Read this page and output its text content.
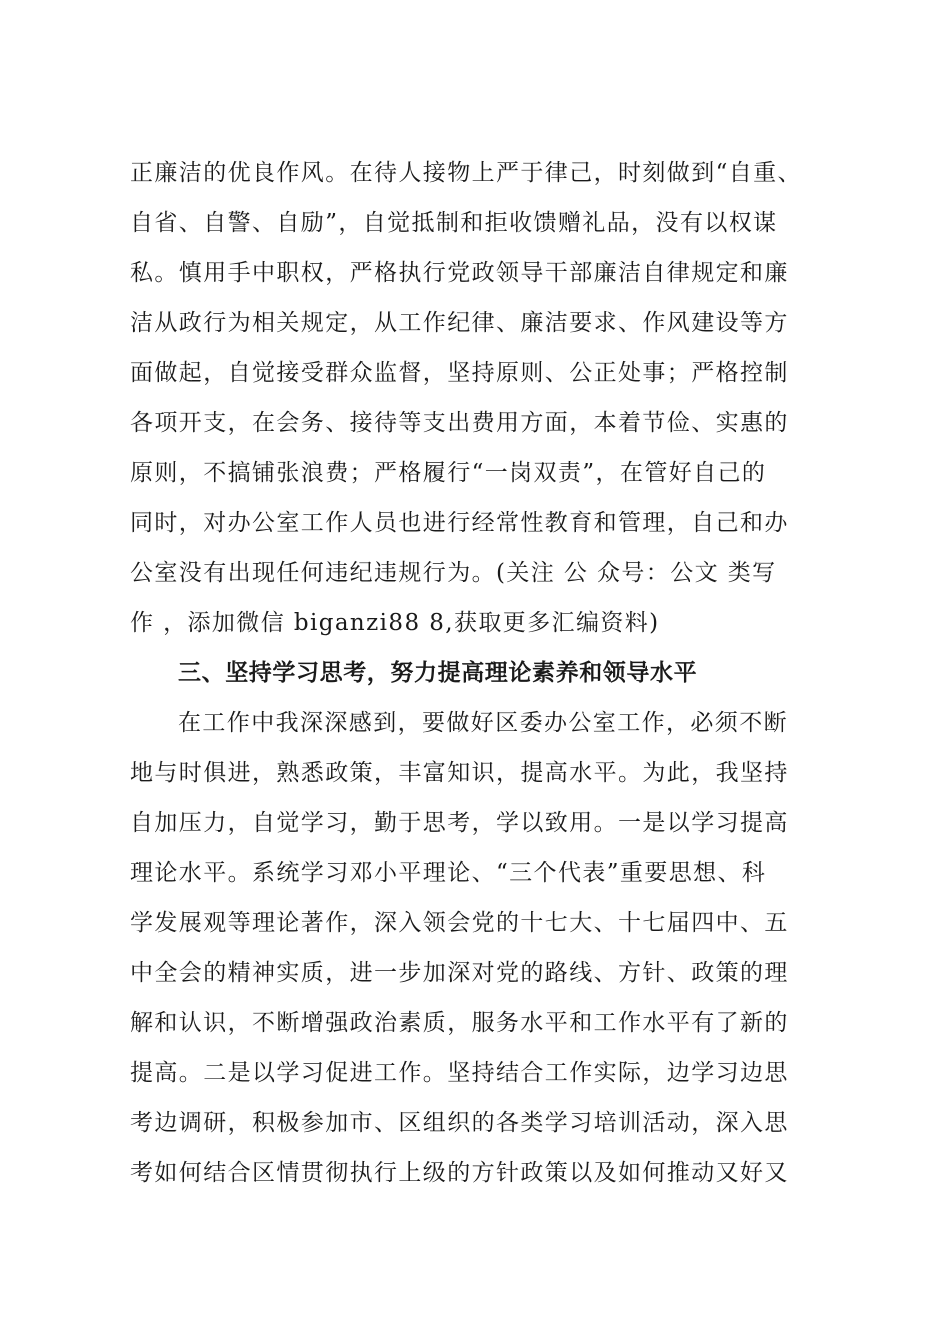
正廉洁的优良作风。在待人接物上严于律己，时刻做到“自重、
自省、自警、自励”，自觉抵制和拒收馈赠礼品，没有以权谋
私。慎用手中职权，严格执行党政领导干部廉洁自律规定和廉
洁从政行为相关规定，从工作纪律、廉洁要求、作风建设等方
面做起，自觉接受群众监督，坚持原则、公正处事；严格控制
各项开支，在会务、接待等支出费用方面，本着节俭、实惠的
原则，不搞铺张浪费；严格履行“一岗双责”，在管好自己的
同时，对办公室工作人员也进行经常性教育和管理，自己和办
公室没有出现任何违纪违规行为。(关注 公 众号：公文 类写
作 ，添加微信 biganzi88 8,获取更多汇编资料)
三、坚持学习思考，努力提高理论素养和领导水平
在工作中我深深感到，要做好区委办公室工作，必须不断
地与时俱进，熟悉政策，丰富知识，提高水平。为此，我坚持
自加压力，自觉学习，勤于思考，学以致用。一是以学习提高
理论水平。系统学习邓小平理论、“三个代表”重要思想、科
学发展观等理论著作，深入领会党的十七大、十七届四中、五
中全会的精神实质，进一步加深对党的路线、方针、政策的理
解和认识，不断增强政治素质，服务水平和工作水平有了新的
提高。二是以学习促进工作。坚持结合工作实际，边学习边思
考边调研，积极参加市、区组织的各类学习培训活动，深入思
考如何结合区情贯彻执行上级的方针政策以及如何推动又好又
